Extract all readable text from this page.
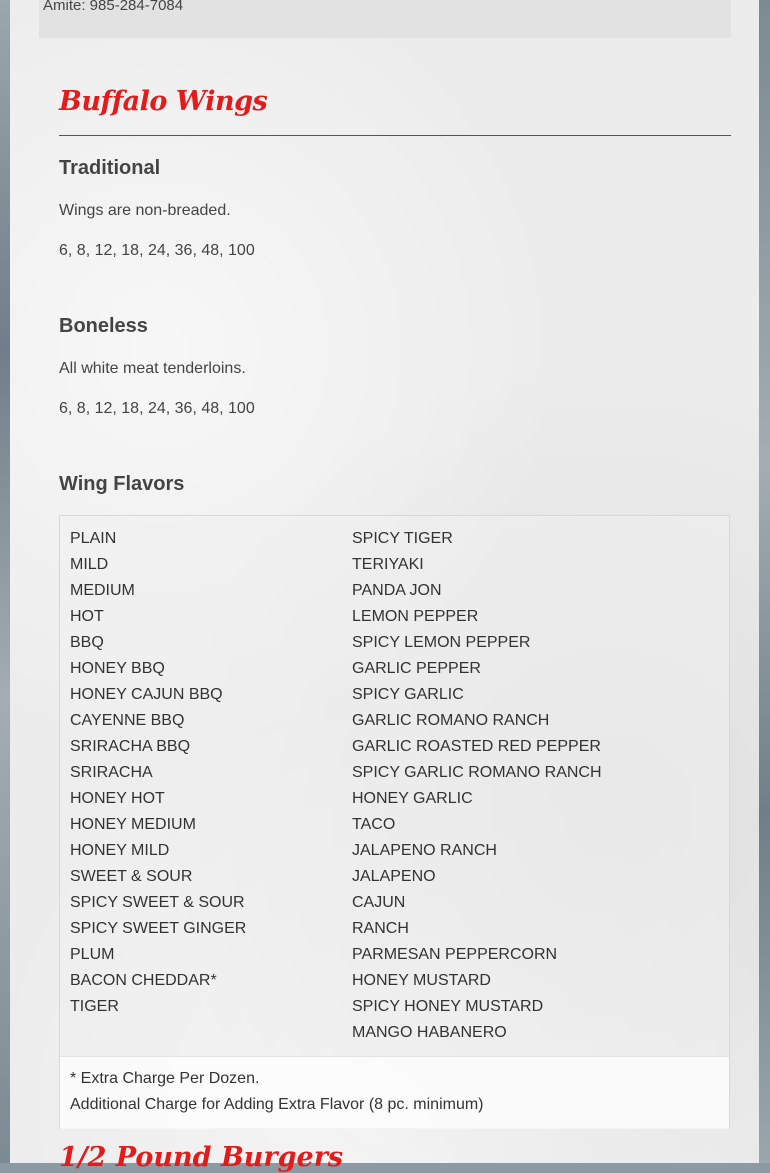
Amite: 985-284-7084
Buffalo Wings
Traditional
Wings are non-breaded.
6, 8, 12, 18, 24, 36, 48, 100
Boneless
All white meat tenderloins.
6, 8, 12, 18, 24, 36, 48, 100
Wing Flavors
PLAIN
MILD
MEDIUM
HOT
BBQ
HONEY BBQ
HONEY CAJUN BBQ
CAYENNE BBQ
SRIRACHA BBQ
SRIRACHA
HONEY HOT
HONEY MEDIUM
HONEY MILD
SWEET & SOUR
SPICY SWEET & SOUR
SPICY SWEET GINGER
PLUM
BACON CHEDDAR*
TIGER
SPICY TIGER
TERIYAKI
PANDA JON
LEMON PEPPER
SPICY LEMON PEPPER
GARLIC PEPPER
SPICY GARLIC
GARLIC ROMANO RANCH
GARLIC ROASTED RED PEPPER
SPICY GARLIC ROMANO RANCH
HONEY GARLIC
TACO
JALAPENO RANCH
JALAPENO
CAJUN
RANCH
PARMESAN PEPPERCORN
HONEY MUSTARD
SPICY HONEY MUSTARD
MANGO HABANERO
* Extra Charge Per Dozen.
Additional Charge for Adding Extra Flavor (8 pc. minimum)
1/2 Pound Burgers
